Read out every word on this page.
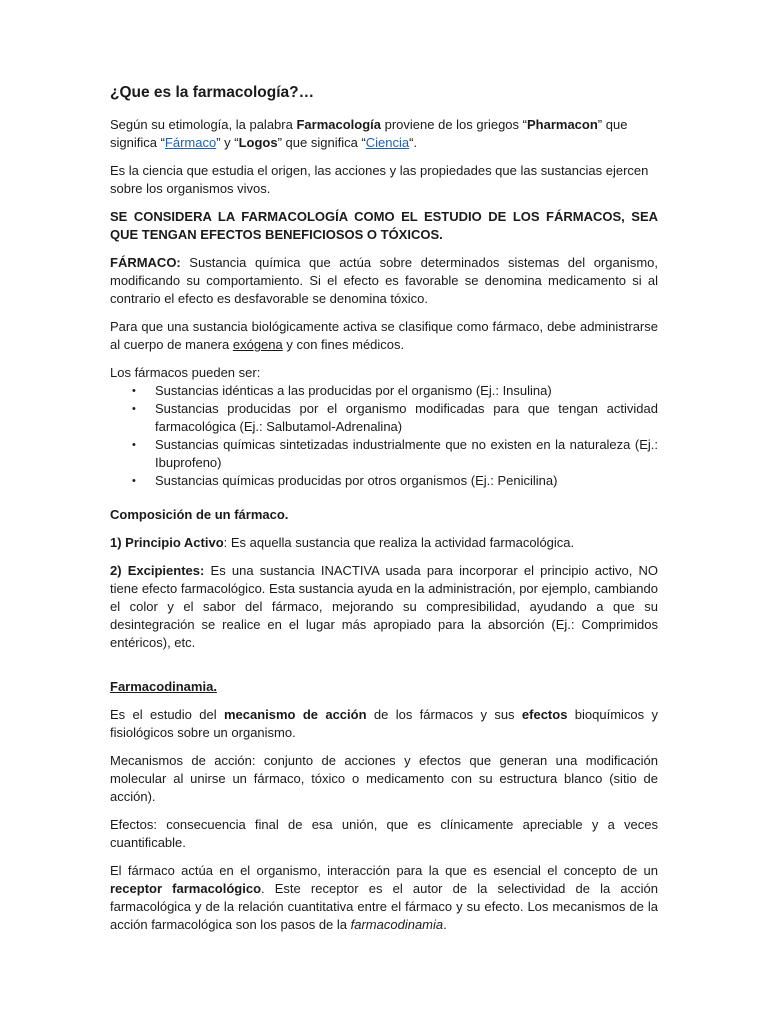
¿Que es la farmacología?…

Según su etimología, la palabra Farmacología proviene de los griegos “Pharmacon” que significa “Fármaco” y “Logos” que significa “Ciencia“.

Es la ciencia que estudia el origen, las acciones y las propiedades que las sustancias ejercen sobre los organismos vivos.

SE CONSIDERA LA FARMACOLOGÍA COMO EL ESTUDIO DE LOS FÁRMACOS, SEA QUE TENGAN EFECTOS BENEFICIOSOS O TÓXICOS.

FÁRMACO: Sustancia química que actúa sobre determinados sistemas del organismo, modificando su comportamiento. Si el efecto es favorable se denomina medicamento si al contrario el efecto es desfavorable se denomina tóxico.

Para que una sustancia biológicamente activa se clasifique como fármaco, debe administrarse al cuerpo de manera exógena y con fines médicos.

Los fármacos pueden ser:

• Sustancias idénticas a las producidas por el organismo (Ej.: Insulina)
• Sustancias producidas por el organismo modificadas para que tengan actividad farmacológica (Ej.: Salbutamol-Adrenalina)
• Sustancias químicas sintetizadas industrialmente que no existen en la naturaleza (Ej.: Ibuprofeno)
• Sustancias químicas producidas por otros organismos (Ej.: Penicilina)

Composición de un fármaco.

1) Principio Activo: Es aquella sustancia que realiza la actividad farmacológica.

2) Excipientes: Es una sustancia INACTIVA usada para incorporar el principio activo, NO tiene efecto farmacológico. Esta sustancia ayuda en la administración, por ejemplo, cambiando el color y el sabor del fármaco, mejorando su compresibilidad, ayudando a que su desintegración se realice en el lugar más apropiado para la absorción (Ej.: Comprimidos entéricos), etc.

Farmacodinamia.

Es el estudio del mecanismo de acción de los fármacos y sus efectos bioquímicos y fisiológicos sobre un organismo.

Mecanismos de acción: conjunto de acciones y efectos que generan una modificación molecular al unirse un fármaco, tóxico o medicamento con su estructura blanco (sitio de acción).

Efectos: consecuencia final de esa unión, que es clínicamente apreciable y a veces cuantificable.

El fármaco actúa en el organismo, interacción para la que es esencial el concepto de un receptor farmacológico. Este receptor es el autor de la selectividad de la acción farmacológica y de la relación cuantitativa entre el fármaco y su efecto. Los mecanismos de la acción farmacológica son los pasos de la farmacodinamia.
